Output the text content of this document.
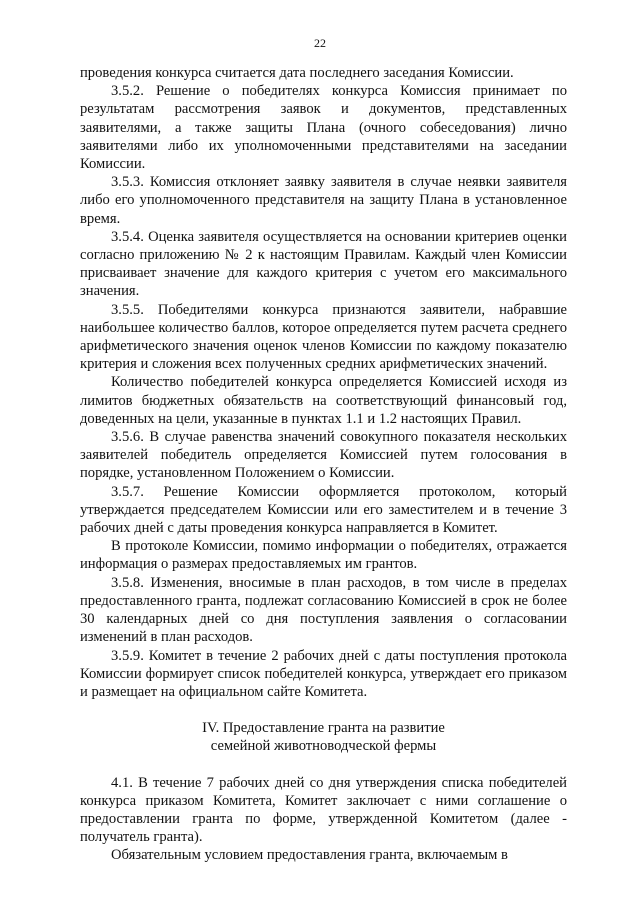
22

проведения конкурса считается дата последнего заседания Комиссии.

3.5.2. Решение о победителях конкурса Комиссия принимает по результатам рассмотрения заявок и документов, представленных заявителями, а также защиты Плана (очного собеседования) лично заявителями либо их уполномоченными представителями на заседании Комиссии.

3.5.3. Комиссия отклоняет заявку заявителя в случае неявки заявителя либо его уполномоченного представителя на защиту Плана в установленное время.

3.5.4. Оценка заявителя осуществляется на основании критериев оценки согласно приложению № 2 к настоящим Правилам. Каждый член Комиссии присваивает значение для каждого критерия с учетом его максимального значения.

3.5.5. Победителями конкурса признаются заявители, набравшие наибольшее количество баллов, которое определяется путем расчета среднего арифметического значения оценок членов Комиссии по каждому показателю критерия и сложения всех полученных средних арифметических значений.

Количество победителей конкурса определяется Комиссией исходя из лимитов бюджетных обязательств на соответствующий финансовый год, доведенных на цели, указанные в пунктах 1.1 и 1.2 настоящих Правил.

3.5.6. В случае равенства значений совокупного показателя нескольких заявителей победитель определяется Комиссией путем голосования в порядке, установленном Положением о Комиссии.

3.5.7. Решение Комиссии оформляется протоколом, который утверждается председателем Комиссии или его заместителем и в течение 3 рабочих дней с даты проведения конкурса направляется в Комитет.

В протоколе Комиссии, помимо информации о победителях, отражается информация о размерах предоставляемых им грантов.

3.5.8. Изменения, вносимые в план расходов, в том числе в пределах предоставленного гранта, подлежат согласованию Комиссией в срок не более 30 календарных дней со дня поступления заявления о согласовании изменений в план расходов.

3.5.9. Комитет в течение 2 рабочих дней с даты поступления протокола Комиссии формирует список победителей конкурса, утверждает его приказом и размещает на официальном сайте Комитета.

IV. Предоставление гранта на развитие
семейной животноводческой фермы

4.1. В течение 7 рабочих дней со дня утверждения списка победителей конкурса приказом Комитета, Комитет заключает с ними соглашение о предоставлении гранта по форме, утвержденной Комитетом (далее - получатель гранта).

Обязательным условием предоставления гранта, включаемым в
